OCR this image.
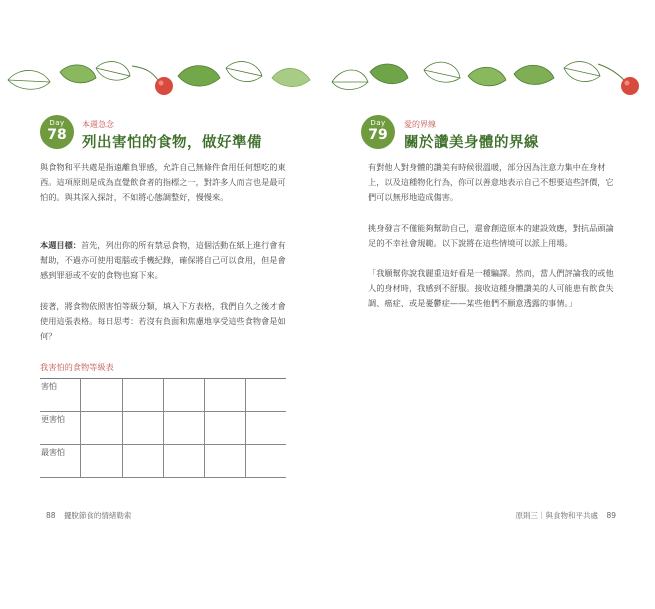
Day
78
本週急念
列出害怕的食物，做好準備

與食物和平共處是指遠離負罪感，允許自己無條件食用任何想吃的東西。這項原則是成為直覺飲食者的指標之一，對許多人而言也是最可怕的。與其深入探討，不如將心態調整好，慢慢來。

本週目標：首先，列出你的所有禁忌食物，這個活動在紙上進行會有幫助，不過亦可使用電腦或手機紀錄，確保將自己可以食用，但是會感到罪惡或不安的食物也寫下來。

接著，將食物依照害怕等級分類，填入下方表格，我們自久之後才會使用這張表格。每日思考：若沒有負面和焦慮地享受這些食物會是如何？

我害怕的食物等級表
害怕					
更害怕					
最害怕					
88 擺脫節食的情緒勒索
Day
79
愛的界線
關於讚美身體的界線

有對他人對身體的讚美有時候很溫暖，部分因為注意力集中在身材上，以及這種物化行為，你可以善意地表示自己不想要這些評價，它們可以無形地造成傷害。

挑身發言不僅能夠幫助自己，還會創造原本的建設效應，對抗品頭論足的不幸社會規範。以下說將在這些情境可以派上用場。

「我願幫你說我麗重這好看是一種騙譯。然而，當人們評論我的或他人的身材時，我感到不舒服。接收這種身體讚美的人可能患有飲食失調、癌症、或是憂鬱症——某些他們不願意透露的事情。」

原則三｜與食物和平共處 89
